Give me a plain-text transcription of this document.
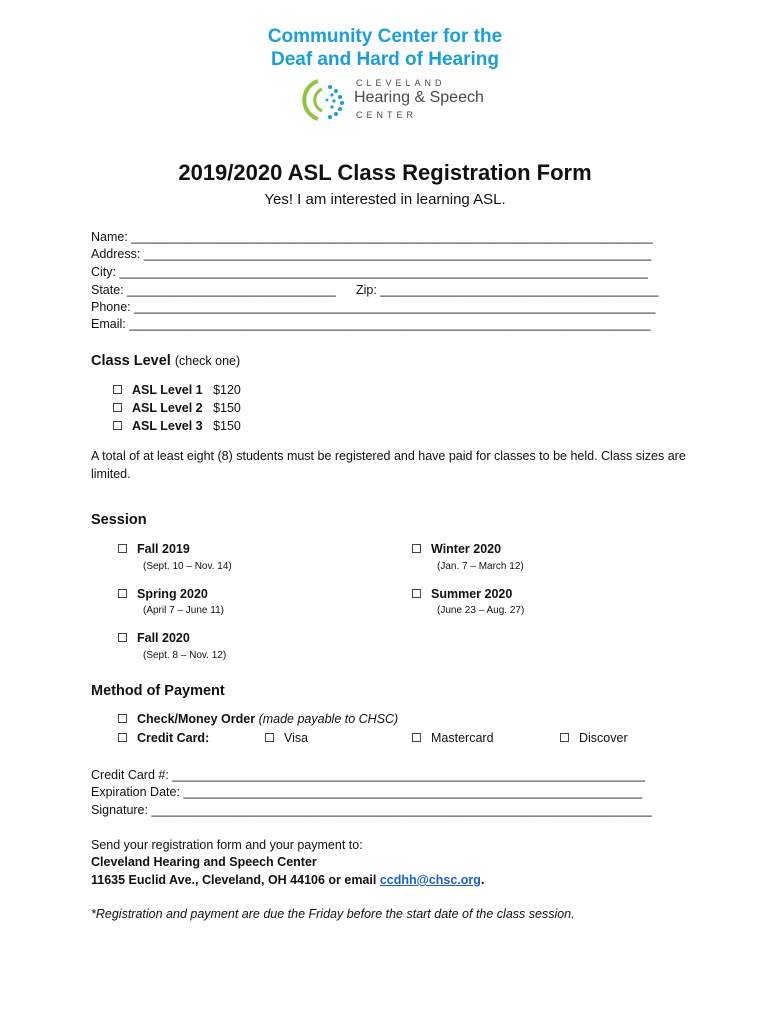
Community Center for the
Deaf and Hard of Hearing
CLEVELAND
Hearing & Speech
CENTER
2019/2020 ASL Class Registration Form
Yes! I am interested in learning ASL.
Name: ___________________________________________________________________________
Address: _________________________________________________________________________
City: ____________________________________________________________________________
State: ______________________________ Zip: ________________________________________
Phone: ___________________________________________________________________________
Email: ___________________________________________________________________________
Class Level (check one)
ASL Level 1 $120
ASL Level 2 $150
ASL Level 3 $150
A total of at least eight (8) students must be registered and have paid for classes to be held. Class sizes are limited.
Session
Fall 2019
(Sept. 10 – Nov. 14)
Winter 2020
(Jan. 7 – March 12)
Spring 2020
(April 7 – June 11)
Summer 2020
(June 23 – Aug. 27)
Fall 2020
(Sept. 8 – Nov. 12)
Method of Payment
Check/Money Order (made payable to CHSC)
Credit Card:	Visa	Mastercard	Discover
Credit Card #: ____________________________________________________________________
Expiration Date: __________________________________________________________________
Signature: ________________________________________________________________________
Send your registration form and your payment to:
Cleveland Hearing and Speech Center
11635 Euclid Ave., Cleveland, OH 44106 or email ccdhh@chsc.org.
*Registration and payment are due the Friday before the start date of the class session.
